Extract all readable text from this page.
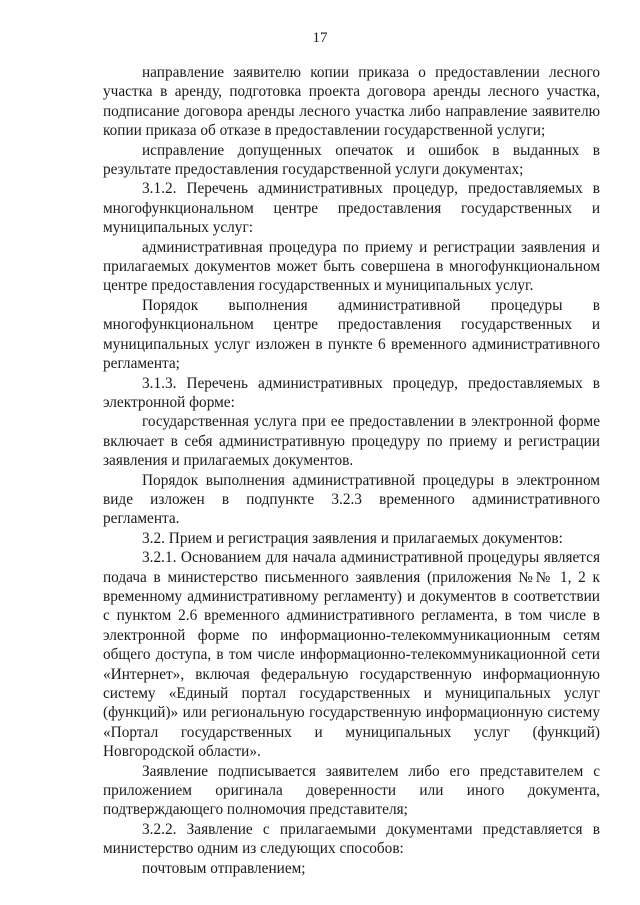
17

направление заявителю копии приказа о предоставлении лесного участка в аренду, подготовка проекта договора аренды лесного участка, подписание договора аренды лесного участка либо направление заявителю копии приказа об отказе в предоставлении государственной услуги;

исправление допущенных опечаток и ошибок в выданных в результате предоставления государственной услуги документах;

3.1.2. Перечень административных процедур, предоставляемых в многофункциональном центре предоставления государственных и муниципальных услуг:

административная процедура по приему и регистрации заявления и прилагаемых документов может быть совершена в многофункциональном центре предоставления государственных и муниципальных услуг.

Порядок выполнения административной процедуры в многофункциональном центре предоставления государственных и муниципальных услуг изложен в пункте 6 временного административного регламента;

3.1.3. Перечень административных процедур, предоставляемых в электронной форме:

государственная услуга при ее предоставлении в электронной форме включает в себя административную процедуру по приему и регистрации заявления и прилагаемых документов.

Порядок выполнения административной процедуры в электронном виде изложен в подпункте 3.2.3 временного административного регламента.

3.2. Прием и регистрация заявления и прилагаемых документов:

3.2.1. Основанием для начала административной процедуры является подача в министерство письменного заявления (приложения №№ 1, 2 к временному административному регламенту) и документов в соответствии с пунктом 2.6 временного административного регламента, в том числе в электронной форме по информационно-телекоммуникационным сетям общего доступа, в том числе информационно-телекоммуникационной сети «Интернет», включая федеральную государственную информационную систему «Единый портал государственных и муниципальных услуг (функций)» или региональную государственную информационную систему «Портал государственных и муниципальных услуг (функций) Новгородской области».

Заявление подписывается заявителем либо его представителем с приложением оригинала доверенности или иного документа, подтверждающего полномочия представителя;

3.2.2. Заявление с прилагаемыми документами представляется в министерство одним из следующих способов:

почтовым отправлением;
